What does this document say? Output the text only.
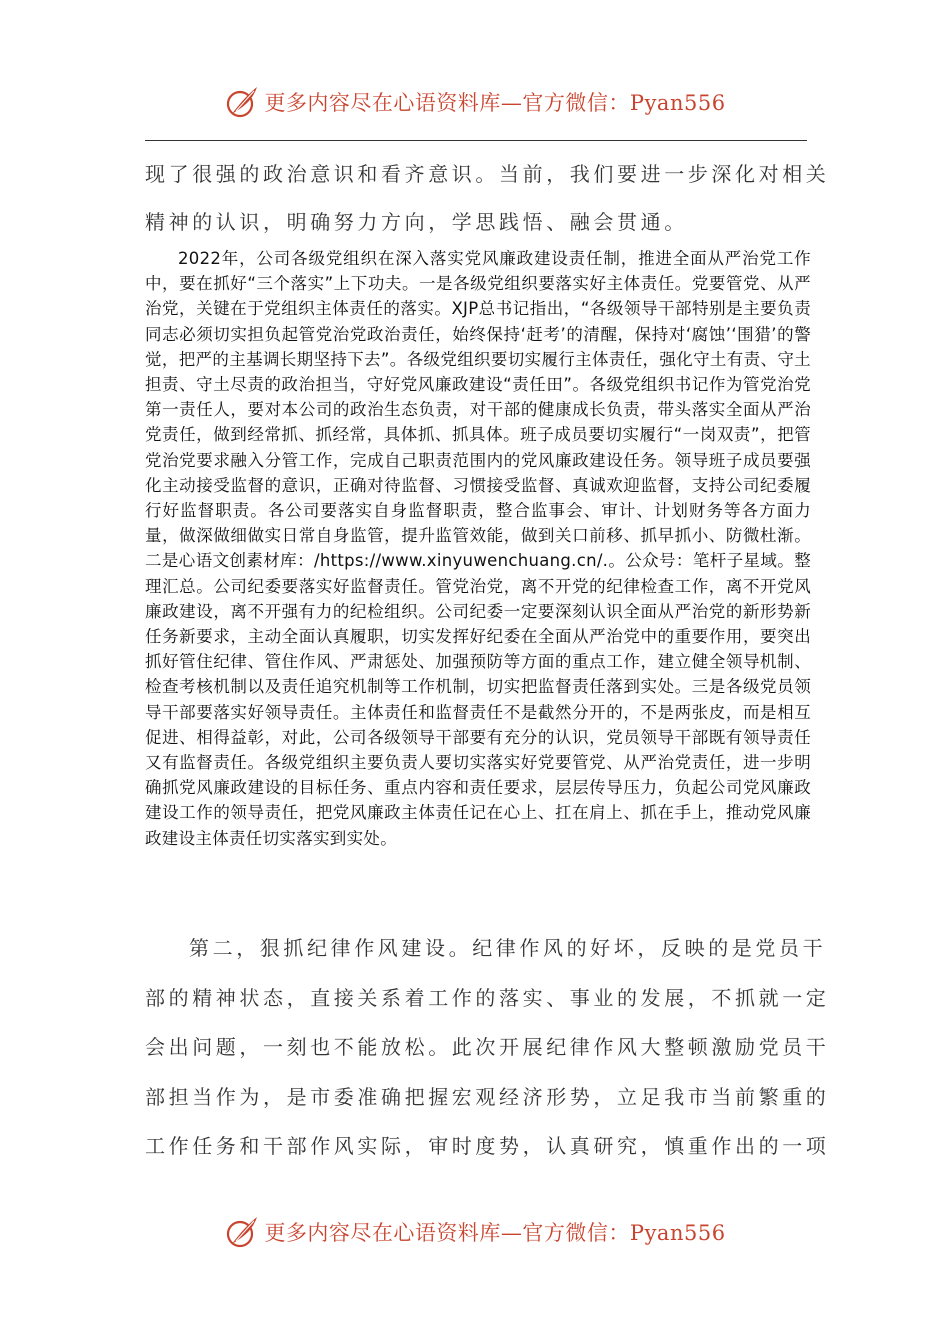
更多内容尽在心语资料库—官方微信：Pyan556
现了很强的政治意识和看齐意识。当前，我们要进一步深化对相关
精神的认识，明确努力方向，学思践悟、融会贯通。

2022年，公司各级党组织在深入落实党风廉政建设责任制，推进全面从严治党工作中，要在抓好“三个落实”上下功夫。一是各级党组织要落实好主体责任。党要管党、从严治党，关键在于党组织主体责任的落实。XJP总书记指出，“各级领导干部特别是主要负责同志必须切实担负起管党治党政治责任，始终保持‘赶考’的清醒，保持对‘腐蚀’‘围猎’的警觉，把严的主基调长期坚持下去”。各级党组织要切实履行主体责任，强化守土有责、守土担责、守土尽责的政治担当，守好党风廉政建设“责任田”。各级党组织书记作为管党治党第一责任人，要对本公司的政治生态负责，对干部的健康成长负责，带头落实全面从严治党责任，做到经常抓、抓经常，具体抓、抓具体。班子成员要切实履行“一岗双责”，把管党治党要求融入分管工作，完成自己职责范围内的党风廉政建设任务。领导班子成员要强化主动接受监督的意识，正确对待监督、习惯接受监督、真诚欢迎监督，支持公司纪委履行好监督职责。各公司要落实自身监督职责，整合监事会、审计、计划财务等各方面力量，做深做细做实日常自身监管，提升监管效能，做到关口前移、抓早抓小、防微杜渐。二是心语文创素材库：/https://www.xinyuwenchuang.cn/.。公众号：笔杆子星域。整理汇总。公司纪委要落实好监督责任。管党治党，离不开党的纪律检查工作，离不开党风廉政建设，离不开强有力的纪检组织。公司纪委一定要深刻认识全面从严治党的新形势新任务新要求，主动全面认真履职，切实发挥好纪委在全面从严治党中的重要作用，要突出抓好管住纪律、管住作风、严肃惩处、加强预防等方面的重点工作，建立健全领导机制、检查考核机制以及责任追究机制等工作机制，切实把监督责任落到实处。三是各级党员领导干部要落实好领导责任。主体责任和监督责任不是截然分开的，不是两张皮，而是相互促进、相得益彰，对此，公司各级领导干部要有充分的认识，党员领导干部既有领导责任又有监督责任。各级党组织主要负责人要切实落实好党要管党、从严治党责任，进一步明确抓党风廉政建设的目标任务、重点内容和责任要求，层层传导压力，负起公司党风廉政建设工作的领导责任，把党风廉政主体责任记在心上、扛在肩上、抓在手上，推动党风廉政建设主体责任切实落实到实处。

第二，狠抓纪律作风建设。纪律作风的好坏，反映的是党员干
部的精神状态，直接关系着工作的落实、事业的发展，不抓就一定
会出问题，一刻也不能放松。此次开展纪律作风大整顿激励党员干
部担当作为，是市委准确把握宏观经济形势，立足我市当前繁重的
工作任务和干部作风实际，审时度势，认真研究，慎重作出的一项
更多内容尽在心语资料库—官方微信：Pyan556
